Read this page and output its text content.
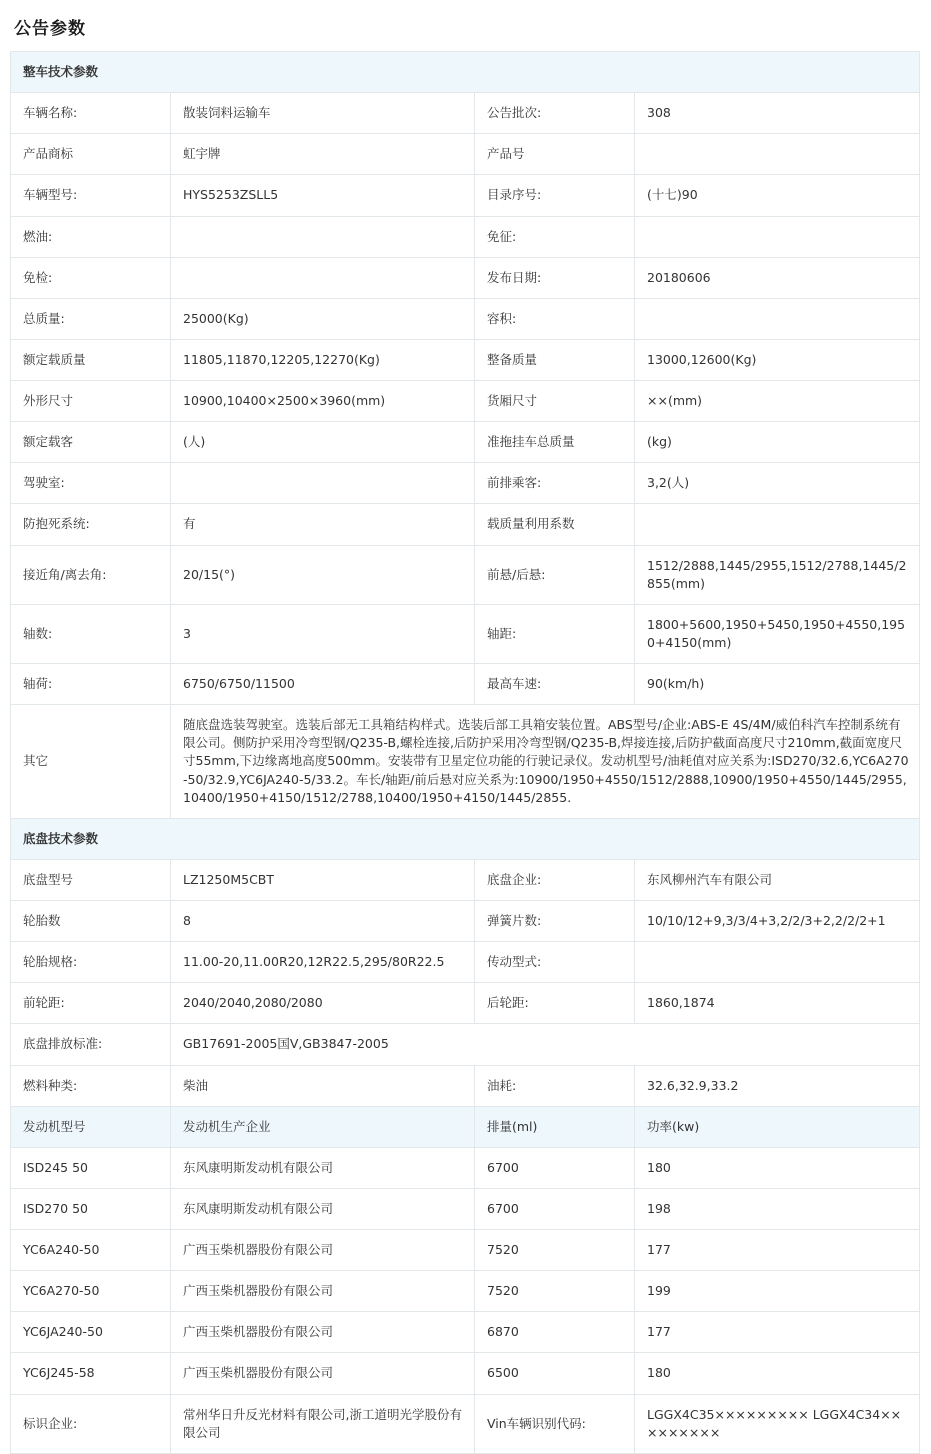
公告参数
整车技术参数			
车辆名称:	散装饲料运输车	公告批次:	308
产品商标	虹宇牌	产品号	
车辆型号:	HYS5253ZSLL5	目录序号:	(十七)90
燃油:		免征:	
免检:		发布日期:	20180606
总质量:	25000(Kg)	容积:	
额定载质量	11805,11870,12205,12270(Kg)	整备质量	13000,12600(Kg)
外形尺寸	10900,10400×2500×3960(mm)	货厢尺寸	××(mm)
额定载客	(人)	准拖挂车总质量	(kg)
驾驶室:		前排乘客:	3,2(人)
防抱死系统:	有	载质量利用系数	
接近角/离去角:	20/15(°)	前悬/后悬:	1512/2888,1445/2955,1512/2788,1445/2855(mm)
轴数:	3	轴距:	1800+5600,1950+5450,1950+4550,1950+4150(mm)
轴荷:	6750/6750/11500	最高车速:	90(km/h)
其它	随底盘选装驾驶室。选装后部无工具箱结构样式。选装后部工具箱安装位置。ABS型号/企业:ABS-E 4S/4M/威伯科汽车控制系统有限公司。侧防护采用冷弯型钢/Q235-B,螺栓连接,后防护采用冷弯型钢/Q235-B,焊接连接,后防护截面高度尺寸210mm,截面宽度尺寸55mm,下边缘离地高度500mm。安装带有卫星定位功能的行驶记录仪。发动机型号/油耗值对应关系为:ISD270/32.6,YC6A270-50/32.9,YC6JA240-5/33.2。车长/轴距/前后悬对应关系为:10900/1950+4550/1512/2888,10900/1950+4550/1445/2955,10400/1950+4150/1512/2788,10400/1950+4150/1445/2855.		
底盘技术参数			
底盘型号	LZ1250M5CBT	底盘企业:	东风柳州汽车有限公司
轮胎数	8	弹簧片数:	10/10/12+9,3/3/4+3,2/2/3+2,2/2/2+1
轮胎规格:	11.00-20,11.00R20,12R22.5,295/80R22.5	传动型式:	
前轮距:	2040/2040,2080/2080	后轮距:	1860,1874
底盘排放标准:	GB17691-2005国Ⅴ,GB3847-2005		
燃料种类:	柴油	油耗:	32.6,32.9,33.2
发动机型号	发动机生产企业	排量(ml)	功率(kw)
ISD245 50	东风康明斯发动机有限公司	6700	180
ISD270 50	东风康明斯发动机有限公司	6700	198
YC6A240-50	广西玉柴机器股份有限公司	7520	177
YC6A270-50	广西玉柴机器股份有限公司	7520	199
YC6JA240-50	广西玉柴机器股份有限公司	6870	177
YC6J245-58	广西玉柴机器股份有限公司	6500	180
标识企业:	常州华日升反光材料有限公司,浙工道明光学股份有限公司	Vin车辆识别代码:	LGGX4C35××××××××× LGGX4C34×××××××××
